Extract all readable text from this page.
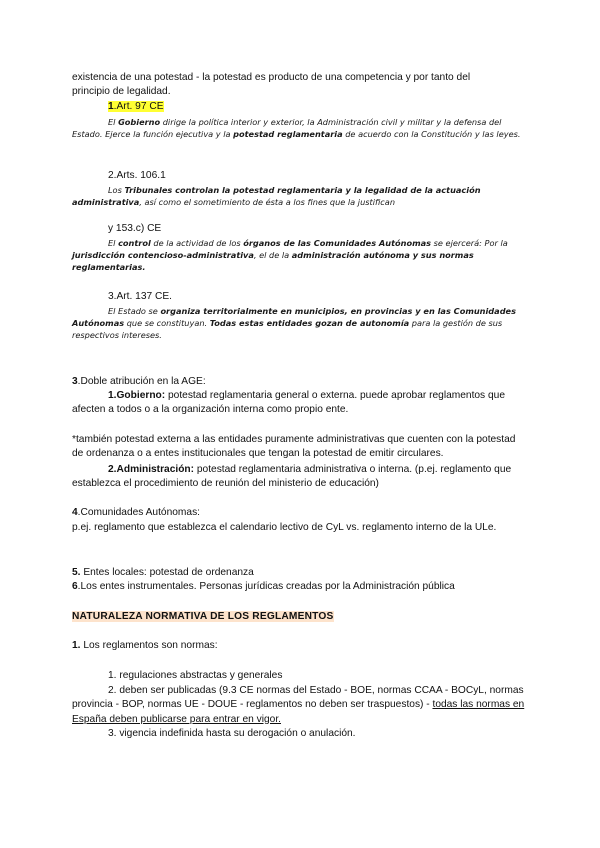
existencia de una potestad - la potestad es producto de una competencia y por tanto del
principio de legalidad.
1.Art. 97 CE
El Gobierno dirige la política interior y exterior, la Administración civil y militar y la defensa del Estado. Ejerce la función ejecutiva y la potestad reglamentaria de acuerdo con la Constitución y las leyes.
2.Arts. 106.1
Los Tribunales controlan la potestad reglamentaria y la legalidad de la actuación administrativa, así como el sometimiento de ésta a los fines que la justifican
y 153.c) CE
El control de la actividad de los órganos de las Comunidades Autónomas se ejercerá: Por la jurisdicción contencioso-administrativa, el de la administración autónoma y sus normas reglamentarias.
3.Art. 137 CE.
El Estado se organiza territorialmente en municipios, en provincias y en las Comunidades Autónomas que se constituyan. Todas estas entidades gozan de autonomía para la gestión de sus respectivos intereses.
3.Doble atribución en la AGE:
1.Gobierno: potestad reglamentaria general o externa. puede aprobar reglamentos que afecten a todos o a la organización interna como propio ente.
*también potestad externa a las entidades puramente administrativas que cuenten con la potestad de ordenanza o a entes institucionales que tengan la potestad de emitir circulares.
2.Administración: potestad reglamentaria administrativa o interna. (p.ej. reglamento que establezca el procedimiento de reunión del ministerio de educación)
4.Comunidades Autónomas:
p.ej. reglamento que establezca el calendario lectivo de CyL vs. reglamento interno de la ULe.
5. Entes locales: potestad de ordenanza
6.Los entes instrumentales. Personas jurídicas creadas por la Administración pública
NATURALEZA NORMATIVA DE LOS REGLAMENTOS
1. Los reglamentos son normas:
1. regulaciones abstractas y generales
2. deben ser publicadas (9.3 CE normas del Estado - BOE, normas CCAA - BOCyL, normas provincia - BOP, normas UE - DOUE - reglamentos no deben ser traspuestos) - todas las normas en España deben publicarse para entrar en vigor.
3. vigencia indefinida hasta su derogación o anulación.
